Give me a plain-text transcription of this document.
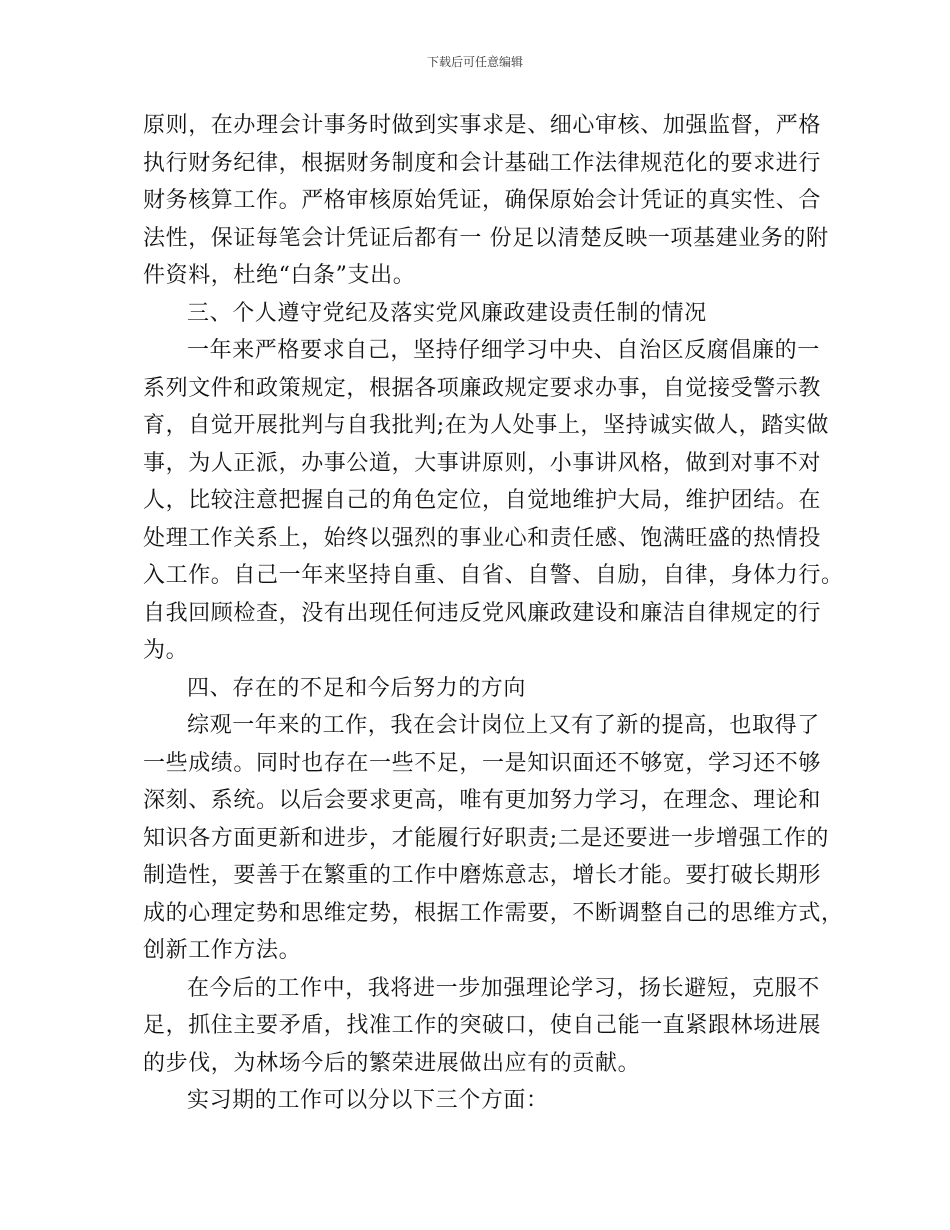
下载后可任意编辑
原则，在办理会计事务时做到实事求是、细心审核、加强监督，严格
执行财务纪律，根据财务制度和会计基础工作法律规范化的要求进行
财务核算工作。严格审核原始凭证，确保原始会计凭证的真实性、合
法性，保证每笔会计凭证后都有一 份足以清楚反映一项基建业务的附
件资料，杜绝“白条”支出。
三、个人遵守党纪及落实党风廉政建设责任制的情况
一年来严格要求自己，坚持仔细学习中央、自治区反腐倡廉的一
系列文件和政策规定，根据各项廉政规定要求办事，自觉接受警示教
育，自觉开展批判与自我批判;在为人处事上，坚持诚实做人，踏实做
事，为人正派，办事公道，大事讲原则，小事讲风格，做到对事不对
人，比较注意把握自己的角色定位，自觉地维护大局，维护团结。在
处理工作关系上，始终以强烈的事业心和责任感、饱满旺盛的热情投
入工作。自己一年来坚持自重、自省、自警、自励，自律，身体力行。
自我回顾检查，没有出现任何违反党风廉政建设和廉洁自律规定的行
为。
四、存在的不足和今后努力的方向
综观一年来的工作，我在会计岗位上又有了新的提高，也取得了
一些成绩。同时也存在一些不足，一是知识面还不够宽，学习还不够
深刻、系统。以后会要求更高，唯有更加努力学习，在理念、理论和
知识各方面更新和进步，才能履行好职责;二是还要进一步增强工作的
制造性，要善于在繁重的工作中磨炼意志，增长才能。要打破长期形
成的心理定势和思维定势，根据工作需要，不断调整自己的思维方式，
创新工作方法。
在今后的工作中，我将进一步加强理论学习，扬长避短，克服不
足，抓住主要矛盾，找准工作的突破口，使自己能一直紧跟林场进展
的步伐，为林场今后的繁荣进展做出应有的贡献。
实习期的工作可以分以下三个方面：
